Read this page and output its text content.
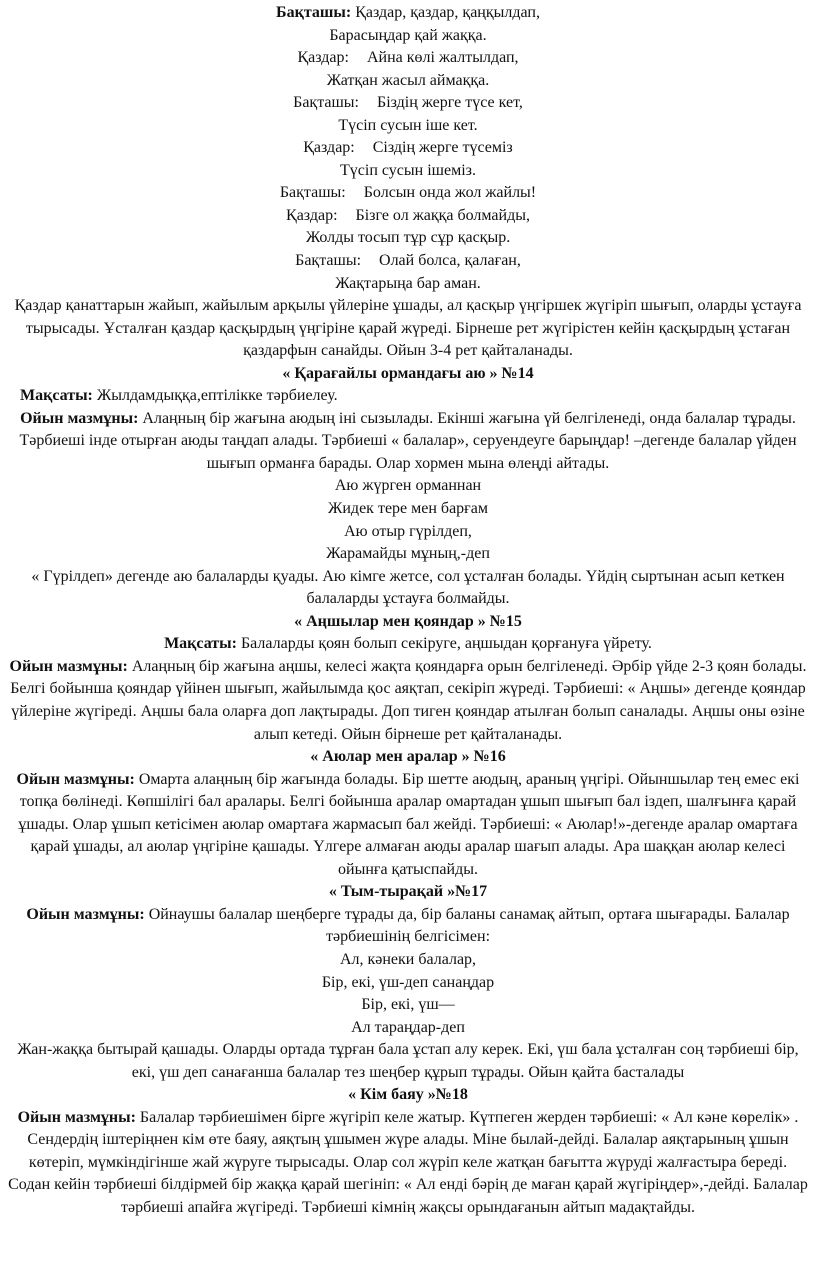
Бақташы: Қаздар, қаздар, қаңқылдап,
Барасыңдар қай жаққа.
Қаздар: Айна көлі жалтылдап,
Жатқан жасыл аймаққа.
Бақташы: Біздің жерге түсе кет,
Түсіп сусын іше кет.
Қаздар: Сіздің жерге түсеміз
Түсіп сусын ішеміз.
Бақташы: Болсын онда жол жайлы!
Қаздар: Бізге ол жаққа болмайды,
Жолды тосып тұр сұр қасқыр.
Бақташы: Олай болса, қалаған,
Жақтарыңа бар аман.
Қаздар қанаттарын жайып, жайылым арқылы үйлеріне ұшады, ал қасқыр үңгіршек жүгіріп шығып, оларды ұстауға тырысады. Ұсталған қаздар қасқырдың үңгіріне қарай жүреді. Бірнеше рет жүгірістен кейін қасқырдың ұстаған қаздарфын санайды. Ойын 3-4 рет қайталанады.
« Қарағайлы ормандағы аю » №14
Мақсаты: Жылдамдыққа,ептілікке тәрбиелеу.
Ойын мазмұны: Алаңның бір жағына аюдың іні сызылады. Екінші жағына үй белгіленеді, онда балалар тұрады. Тәрбиеші інде отырған аюды таңдап алады. Тәрбиеші « балалар», серуендеуге барыңдар! –дегенде балалар үйден шығып орманға барады. Олар хормен мына өлеңді айтады.
Аю жүрген орманнан
Жидек тере мен барғам
Аю отыр гүрілдеп,
Жарамайды мұның,-деп
« Гүрілдеп» дегенде аю балаларды қуады. Аю кімге жетсе, сол ұсталған болады. Үйдің сыртынан асып кеткен балаларды ұстауға болмайды.
« Аңшылар мен қояндар » №15
Мақсаты: Балаларды қоян болып секіруге, аңшыдан қорғануға үйрету.
Ойын мазмұны: Алаңның бір жағына аңшы, келесі жақта қояндарға орын белгіленеді. Әрбір үйде 2-3 қоян болады. Белгі бойынша қояндар үйінен шығып, жайылымда қос аяқтап, секіріп жүреді. Тәрбиеші: « Аңшы» дегенде қояндар үйлеріне жүгіреді. Аңшы бала оларға доп лақтырады. Доп тиген қояндар атылған болып саналады. Аңшы оны өзіне алып кетеді. Ойын бірнеше рет қайталанады.
« Аюлар мен аралар » №16
Ойын мазмұны: Омарта алаңның бір жағында болады. Бір шетте аюдың, араның үңгірі. Ойыншылар тең емес екі топқа бөлінеді. Көпшілігі бал аралары. Белгі бойынша аралар омартадан ұшып шығып бал іздеп, шалғынға қарай ұшады. Олар ұшып кетісімен аюлар омартаға жармасып бал жейді. Тәрбиеші: « Аюлар!»-дегенде аралар омартаға қарай ұшады, ал аюлар үңгіріне қашады. Үлгере алмаған аюды аралар шағып алады. Ара шаққан аюлар келесі ойынға қатыспайды.
« Тым-тырақай »№17
Ойын мазмұны: Ойнаушы балалар шеңберге тұрады да, бір баланы санамақ айтып, ортаға шығарады. Балалар тәрбиешінің белгісімен:
Ал, кәнеки балалар,
Бір, екі, үш-деп санаңдар
Бір, екі, үш—
Ал тараңдар-деп
Жан-жаққа бытырай қашады. Оларды ортада тұрған бала ұстап алу керек. Екі, үш бала ұсталған соң тәрбиеші бір, екі, үш деп санағанша балалар тез шеңбер құрып тұрады. Ойын қайта басталады
« Кім баяу »№18
Ойын мазмұны: Балалар тәрбиешімен бірге жүгіріп келе жатыр. Күтпеген жерден тәрбиеші: « Ал кәне көрелік» . Сендердің іштеріңнен кім өте баяу, аяқтың ұшымен жүре алады. Міне былай-дейді. Балалар аяқтарының ұшын көтеріп, мүмкіндігінше жай жүруге тырысады. Олар сол жүріп келе жатқан бағытта жүруді жалғастыра береді. Содан кейін тәрбиеші білдірмей бір жаққа қарай шегініп: « Ал енді бәрің де маған қарай жүгіріңдер»,-дейді. Балалар тәрбиеші апайға жүгіреді. Тәрбиеші кімнің жақсы орындағанын айтып мадақтайды.
